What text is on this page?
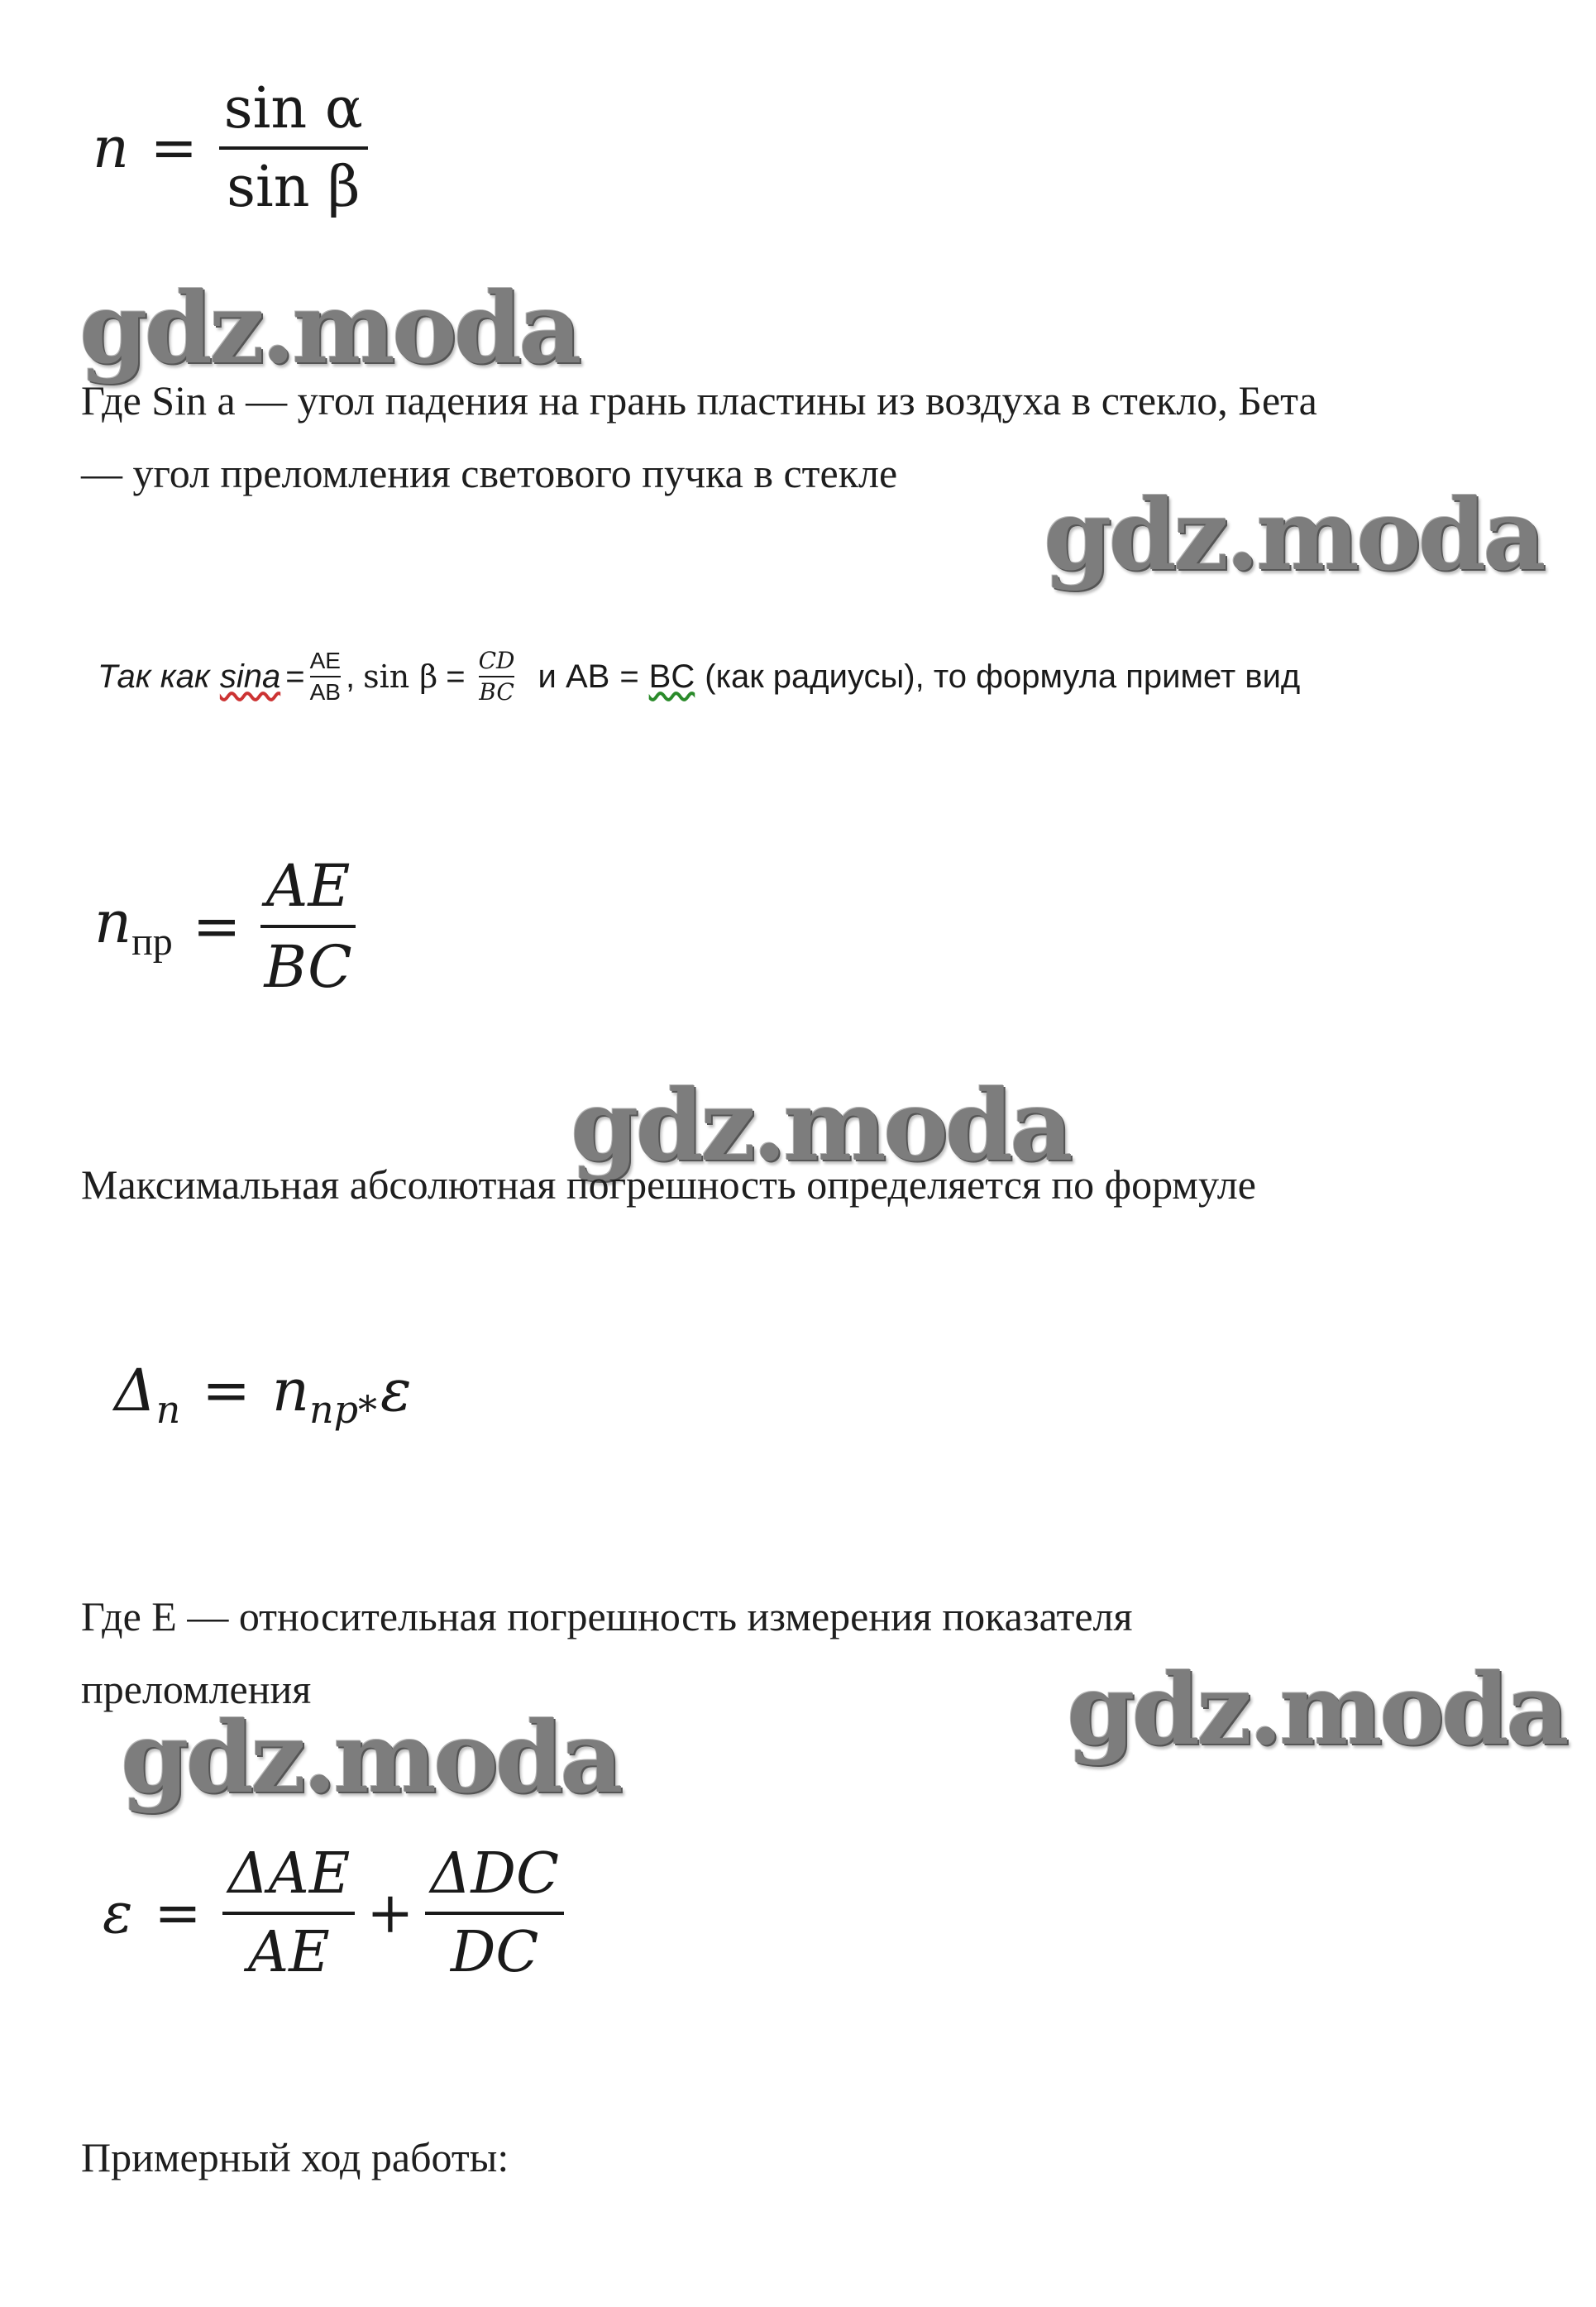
$n = \frac{\text{sin α}}{\text{sin β}}$
gdz.moda
Где Sin a — угол падения на грань пластины из воздуха в стекло, Бета
— угол преломления светового пучка в стекле
gdz.moda
Так как sina = AE
AB , sin β = CD
BC и AB = BC (как радиусы), то формула примет вид
$n_{пр} = \frac{AE}{BC}$
gdz.moda
Максимальная абсолютная погрешность определяется по формуле
$\Delta_n = n_{пр*}$ ε
Где E — относительная погрешность измерения показателя
преломления	gdz.moda
gdz.moda
$\varepsilon = \frac{\text{ΔAE}}{AE} + \frac{\text{ΔDC}}{DC}$
Примерный ход работы:
